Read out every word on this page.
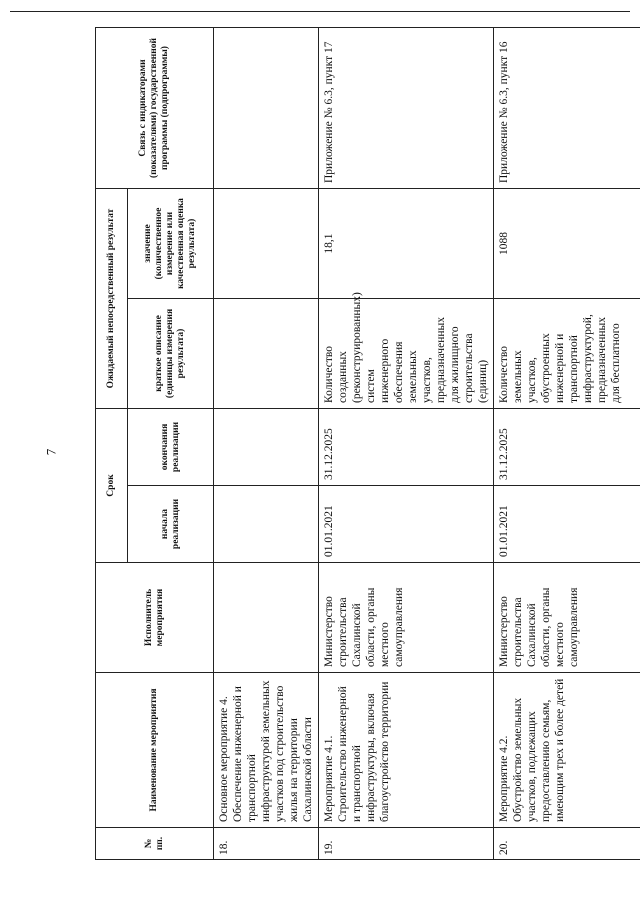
7
№ пп.	Наименование мероприятия	Исполнитель мероприятия	Срок		Ожидаемый непосредственный результат		Связь с индикаторами (показателями) государственной программы (подпрограммы)
			начала реализации	окончания реализации	краткое описание (единицы измерения результата)	значение (количественное измерение или качественная оценка результата)	
18.	Основное мероприятие 4. Обеспечение инженерной и транспортной инфраструктурой земельных участков под строительство жилья на территории Сахалинской области						
19.	Мероприятие 4.1. Строительство инженерной и транспортной инфраструктуры, включая благоустройство территории	Министерство строительства Сахалинской области, органы местного самоуправления	01.01.2021	31.12.2025	Количество созданных (реконструированных) систем инженерного обеспечения земельных участков, предназначенных для жилищного строительства (единиц)	18,1	Приложение № 6.3, пункт 17
20.	Мероприятие 4.2. Обустройство земельных участков, подлежащих предоставлению семьям, имеющим трех и более детей	Министерство строительства Сахалинской области, органы местного самоуправления	01.01.2021	31.12.2025	Количество земельных участков, обустроенных инженерной и транспортной инфраструктурой, предназначенных для бесплатного	1088	Приложение № 6.3, пункт 16
